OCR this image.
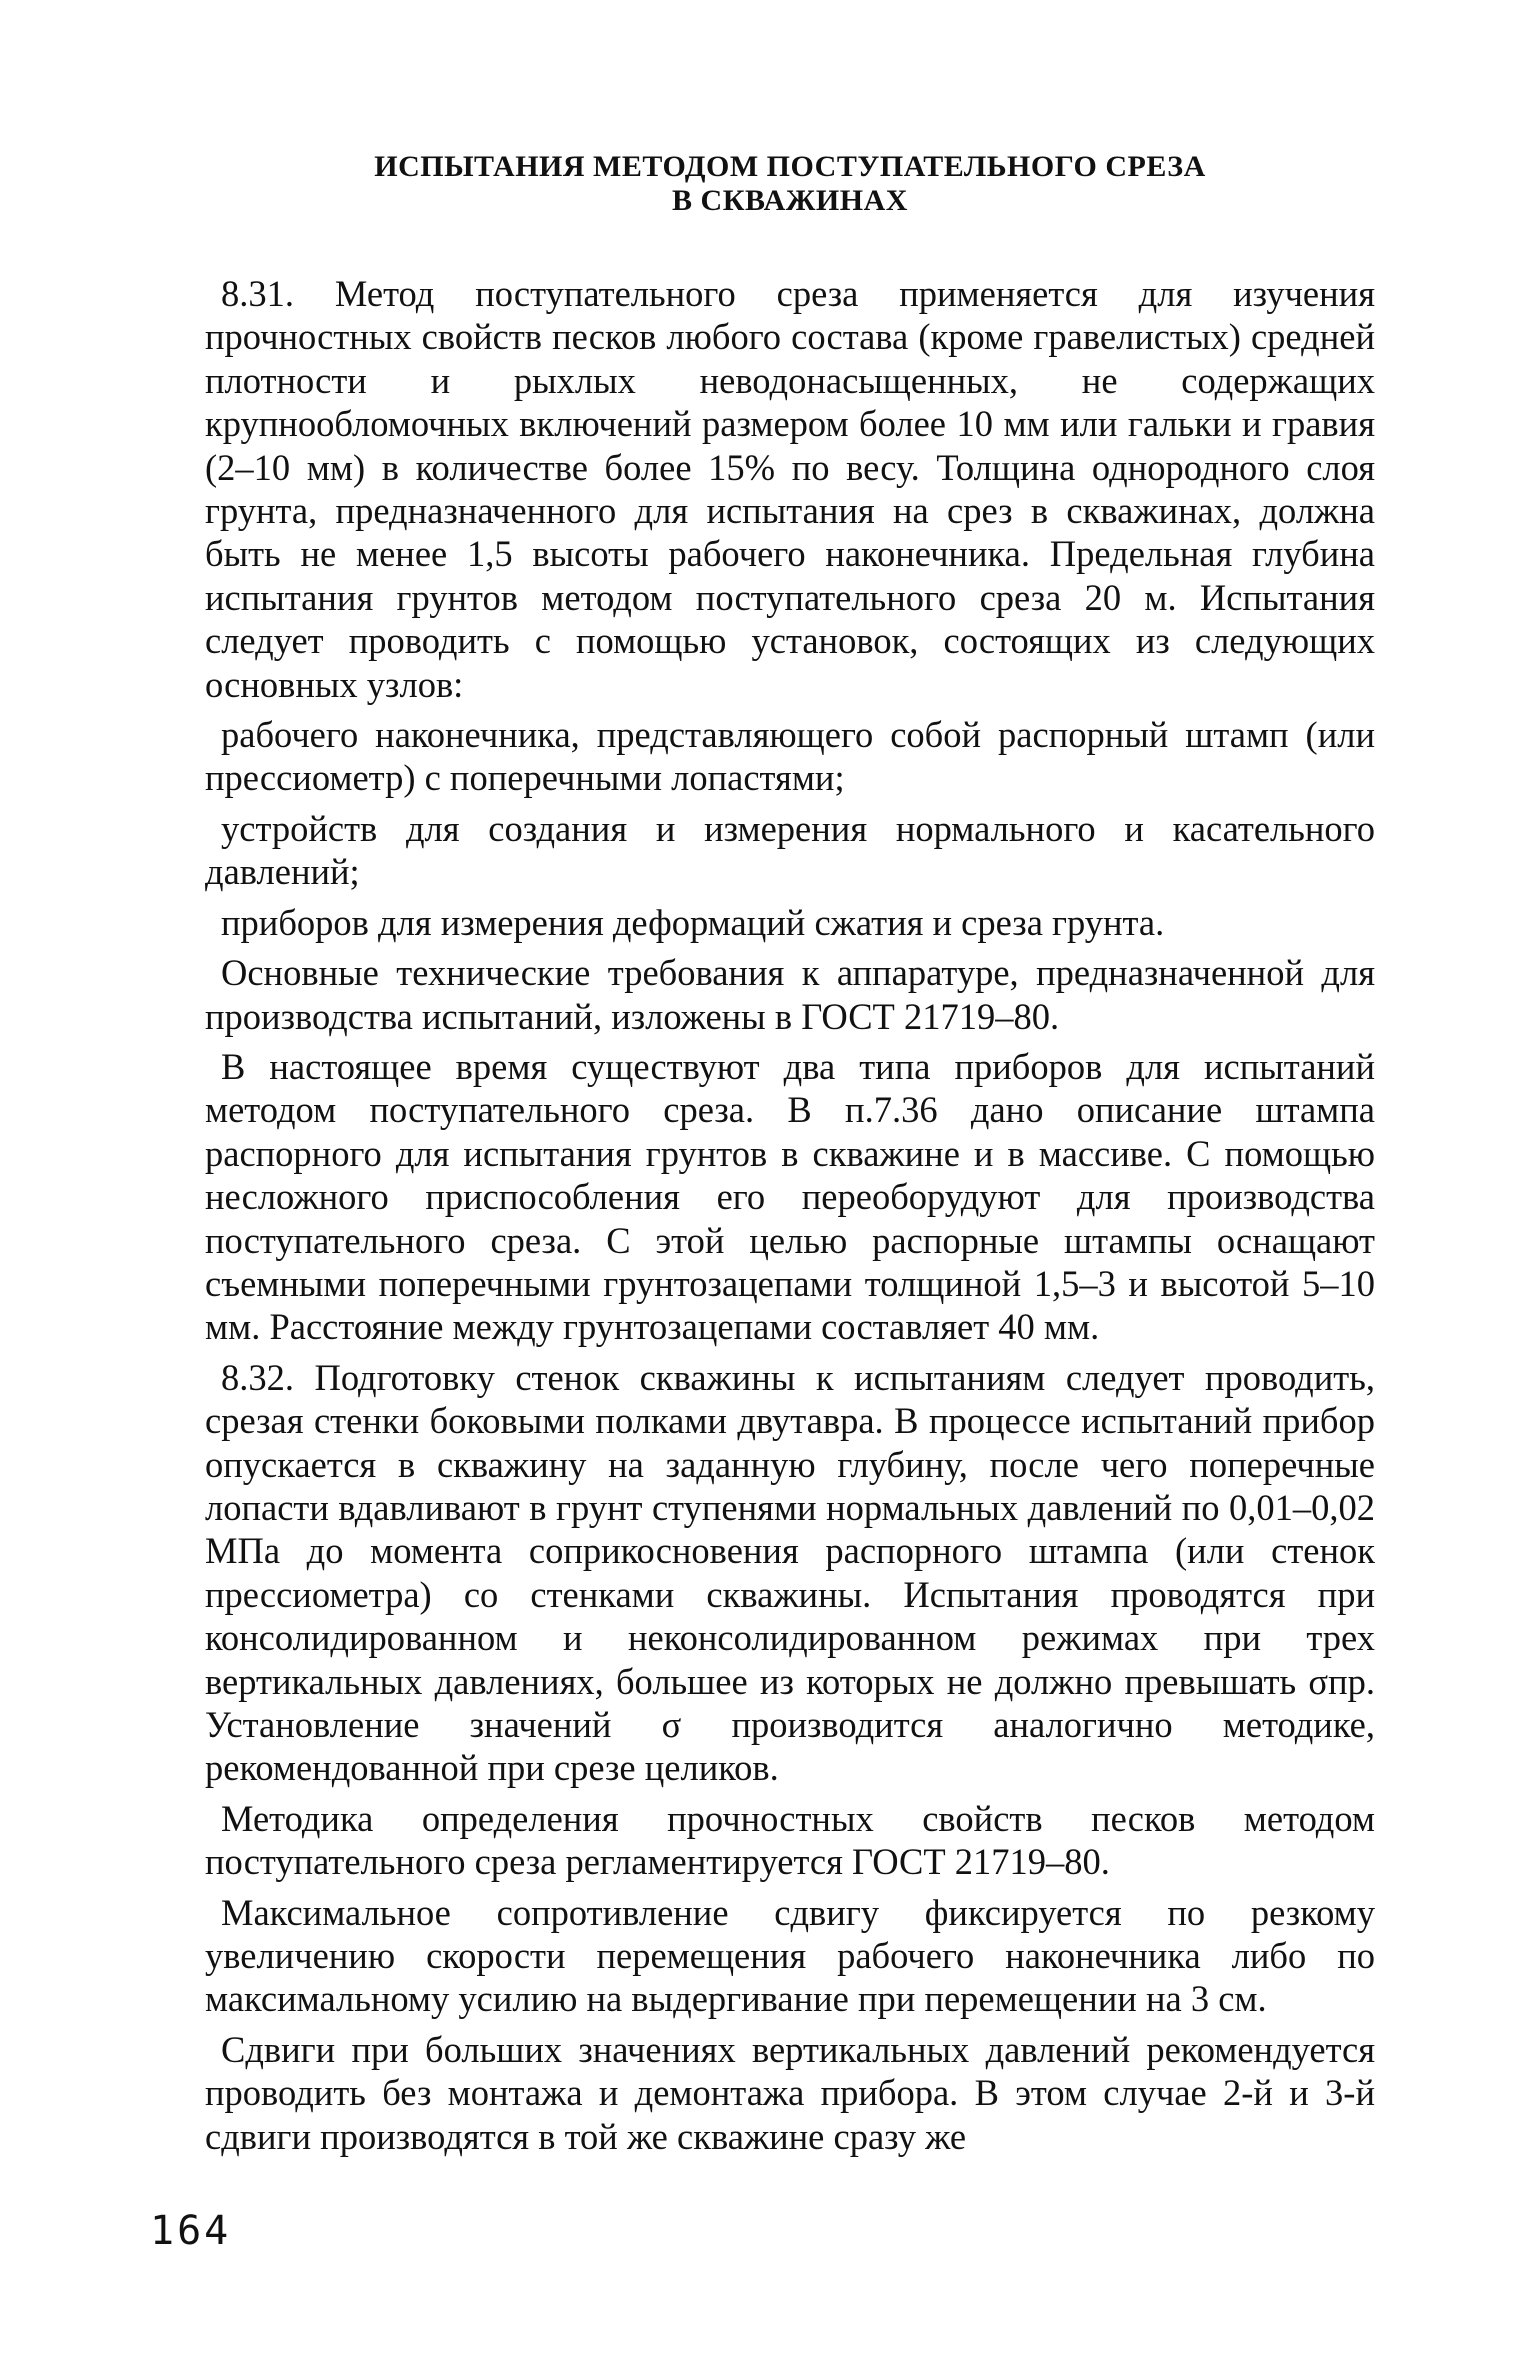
ИСПЫТАНИЯ МЕТОДОМ ПОСТУПАТЕЛЬНОГО СРЕЗА
В СКВАЖИНАХ

8.31. Метод поступательного среза применяется для изучения прочностных свойств песков любого состава (кроме гравелистых) средней плотности и рыхлых неводонасыщенных, не содержащих крупнообломочных включений размером более 10 мм или гальки и гравия (2–10 мм) в количестве более 15% по весу. Толщина однородного слоя грунта, предназначенного для испытания на срез в скважинах, должна быть не менее 1,5 высоты рабочего наконечника. Предельная глубина испытания грунтов методом поступательного среза 20 м. Испытания следует проводить с помощью установок, состоящих из следующих основных узлов:

рабочего наконечника, представляющего собой распорный штамп (или прессиометр) с поперечными лопастями;

устройств для создания и измерения нормального и касательного давлений;

приборов для измерения деформаций сжатия и среза грунта.

Основные технические требования к аппаратуре, предназначенной для производства испытаний, изложены в ГОСТ 21719–80.

В настоящее время существуют два типа приборов для испытаний методом поступательного среза. В п.7.36 дано описание штампа распорного для испытания грунтов в скважине и в массиве. С помощью несложного приспособления его переоборудуют для производства поступательного среза. С этой целью распорные штампы оснащают съемными поперечными грунтозацепами толщиной 1,5–3 и высотой 5–10 мм. Расстояние между грунтозацепами составляет 40 мм.

8.32. Подготовку стенок скважины к испытаниям следует проводить, срезая стенки боковыми полками двутавра. В процессе испытаний прибор опускается в скважину на заданную глубину, после чего поперечные лопасти вдавливают в грунт ступенями нормальных давлений по 0,01–0,02 МПа до момента соприкосновения распорного штампа (или стенок прессиометра) со стенками скважины. Испытания проводятся при консолидированном и неконсолидированном режимах при трех вертикальных давлениях, большее из которых не должно превышать σпр. Установление значений σ производится аналогично методике, рекомендованной при срезе целиков.

Методика определения прочностных свойств песков методом поступательного среза регламентируется ГОСТ 21719–80.

Максимальное сопротивление сдвигу фиксируется по резкому увеличению скорости перемещения рабочего наконечника либо по максимальному усилию на выдергивание при перемещении на 3 см.

Сдвиги при больших значениях вертикальных давлений рекомендуется проводить без монтажа и демонтажа прибора. В этом случае 2-й и 3-й сдвиги производятся в той же скважине сразу же

164
